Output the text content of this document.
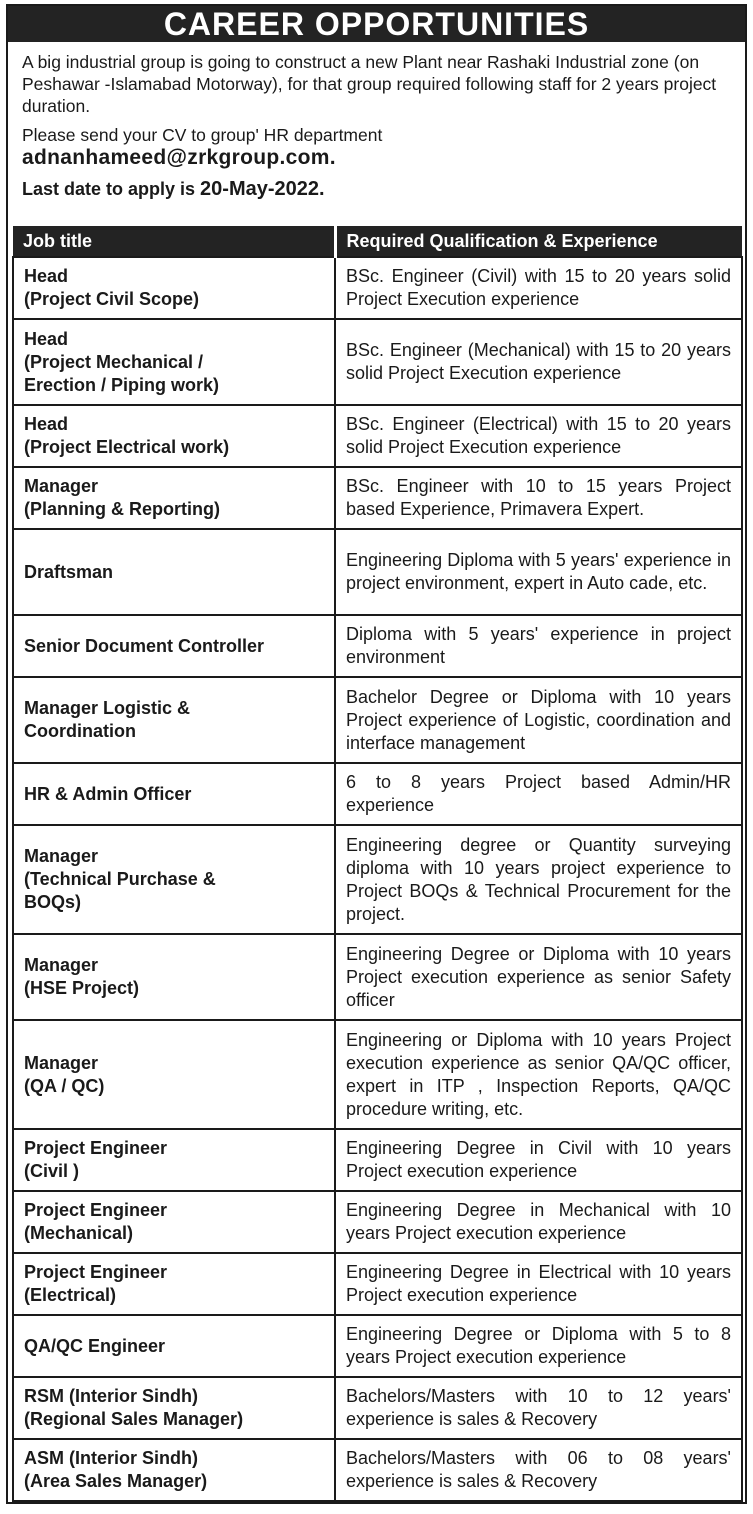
CAREER OPPORTUNITIES

A big industrial group is going to construct a new Plant near Rashaki Industrial zone (on Peshawar -Islamabad Motorway), for that group required following staff for 2 years project duration.

Please send your CV to group' HR department

adnanhameed@zrkgroup.com.

Last date to apply is 20-May-2022.

Job title	Required Qualification & Experience
Head
(Project Civil Scope)	BSc. Engineer (Civil) with 15 to 20 years solid Project Execution experience
Head
(Project Mechanical /
Erection / Piping work)	BSc. Engineer (Mechanical) with 15 to 20 years solid Project Execution experience
Head
(Project Electrical work)	BSc. Engineer (Electrical) with 15 to 20 years solid Project Execution experience
Manager
(Planning & Reporting)	BSc. Engineer with 10 to 15 years Project based Experience, Primavera Expert.
Draftsman	Engineering Diploma with 5 years' experience in project environment, expert in Auto cade, etc.
Senior Document Controller	Diploma with 5 years' experience in project environment
Manager Logistic &
Coordination	Bachelor Degree or Diploma with 10 years Project experience of Logistic, coordination and interface management
HR & Admin Officer	6 to 8 years Project based Admin/HR experience
Manager
(Technical Purchase &
BOQs)	Engineering degree or Quantity surveying diploma with 10 years project experience to Project BOQs & Technical Procurement for the project.
Manager
(HSE Project)	Engineering Degree or Diploma with 10 years Project execution experience as senior Safety officer
Manager
(QA / QC)	Engineering or Diploma with 10 years Project execution experience as senior QA/QC officer, expert in ITP , Inspection Reports, QA/QC procedure writing, etc.
Project Engineer
(Civil )	Engineering Degree in Civil with 10 years Project execution experience
Project Engineer
(Mechanical)	Engineering Degree in Mechanical with 10 years Project execution experience
Project Engineer
(Electrical)	Engineering Degree in Electrical with 10 years Project execution experience
QA/QC Engineer	Engineering Degree or Diploma with 5 to 8 years Project execution experience
RSM (Interior Sindh)
(Regional Sales Manager)	Bachelors/Masters with 10 to 12 years' experience is sales & Recovery
ASM (Interior Sindh)
(Area Sales Manager)	Bachelors/Masters with 06 to 08 years' experience is sales & Recovery
